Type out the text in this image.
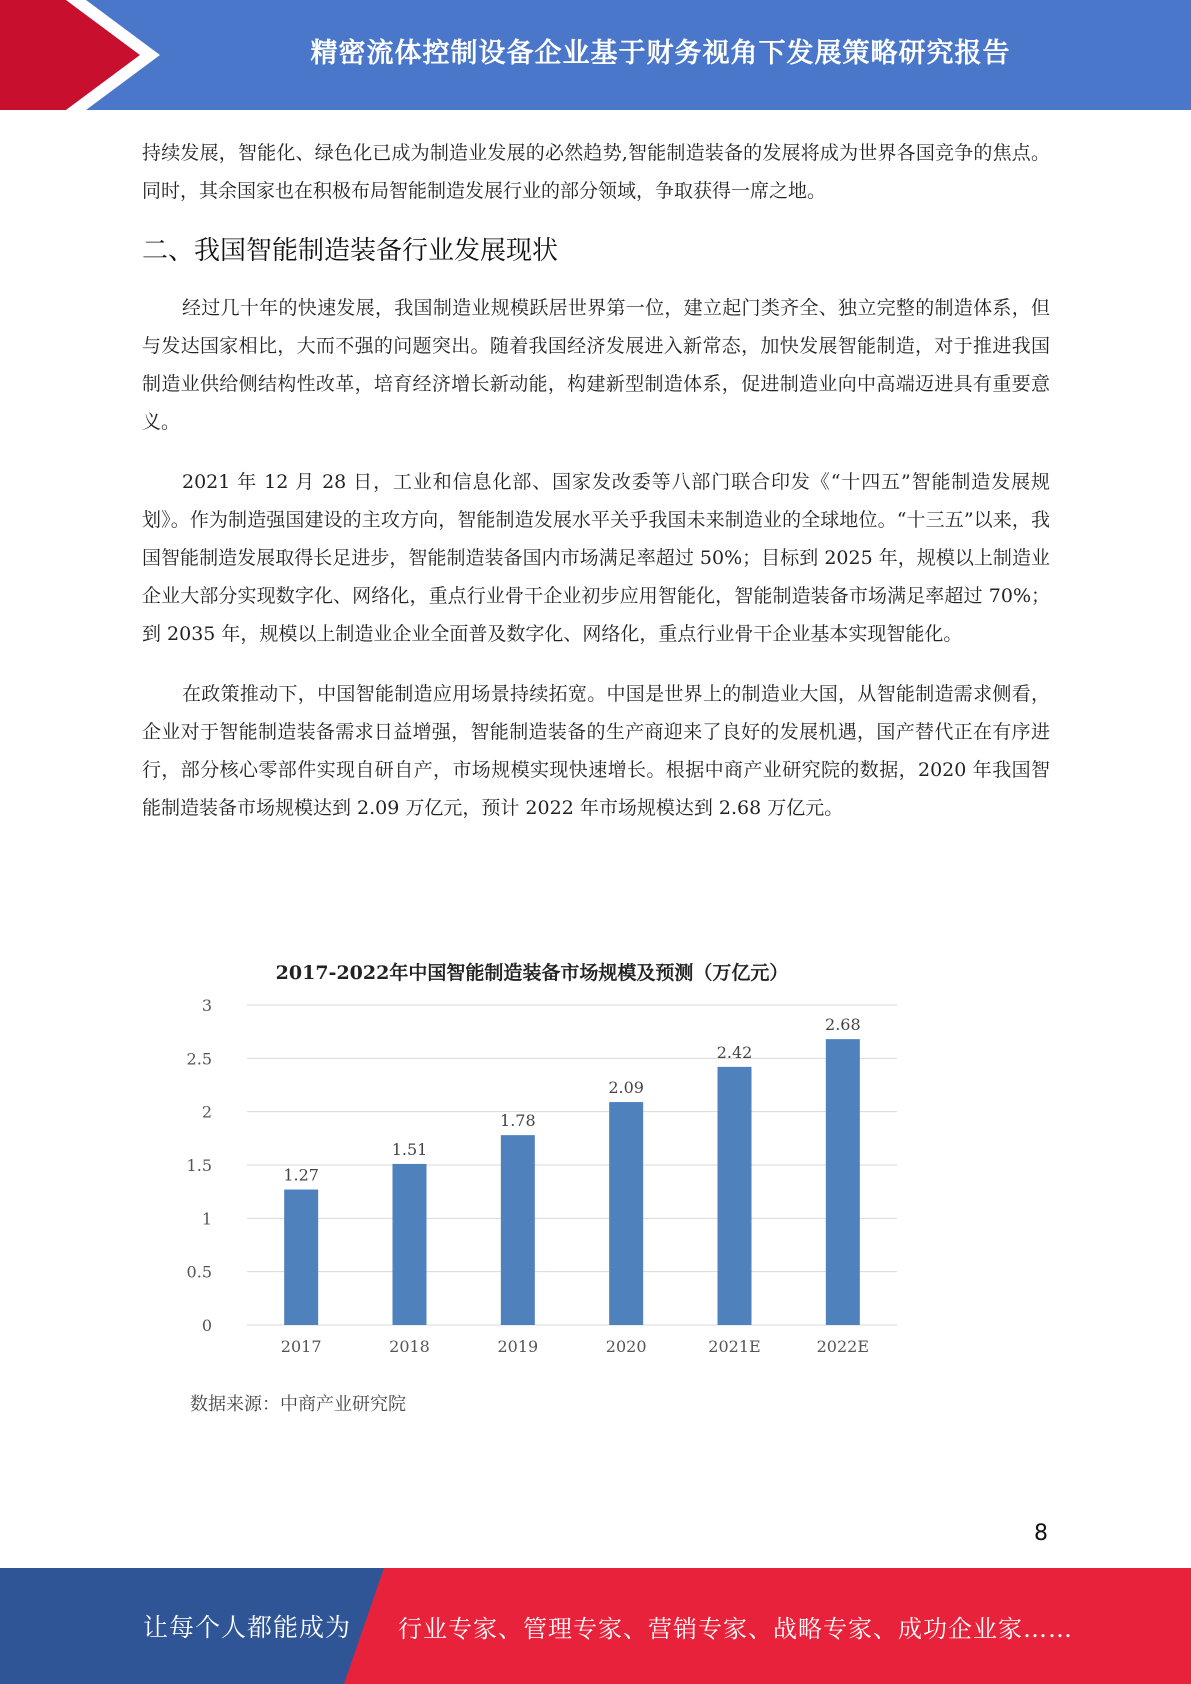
精密流体控制设备企业基于财务视角下发展策略研究报告

持续发展，智能化、绿色化已成为制造业发展的必然趋势,智能制造装备的发展将成为世界各国竞争的焦点。同时，其余国家也在积极布局智能制造发展行业的部分领域，争取获得一席之地。

二、我国智能制造装备行业发展现状

经过几十年的快速发展，我国制造业规模跃居世界第一位，建立起门类齐全、独立完整的制造体系，但与发达国家相比，大而不强的问题突出。随着我国经济发展进入新常态，加快发展智能制造，对于推进我国制造业供给侧结构性改革，培育经济增长新动能，构建新型制造体系，促进制造业向中高端迈进具有重要意义。

2021 年 12 月 28 日，工业和信息化部、国家发改委等八部门联合印发《“十四五”智能制造发展规划》。作为制造强国建设的主攻方向，智能制造发展水平关乎我国未来制造业的全球地位。“十三五”以来，我国智能制造发展取得长足进步，智能制造装备国内市场满足率超过 50%；目标到 2025 年，规模以上制造业企业大部分实现数字化、网络化，重点行业骨干企业初步应用智能化，智能制造装备市场满足率超过 70%；到 2035 年，规模以上制造业企业全面普及数字化、网络化，重点行业骨干企业基本实现智能化。

在政策推动下，中国智能制造应用场景持续拓宽。中国是世界上的制造业大国，从智能制造需求侧看，企业对于智能制造装备需求日益增强，智能制造装备的生产商迎来了良好的发展机遇，国产替代正在有序进行，部分核心零部件实现自研自产，市场规模实现快速增长。根据中商产业研究院的数据，2020 年我国智能制造装备市场规模达到 2.09 万亿元，预计 2022 年市场规模达到 2.68 万亿元。

2017-2022年中国智能制造装备市场规模及预测（万亿元）
0
0.5
1
1.5
2
2.5
3
1.27
2017
1.51
2018
1.78
2019
2.09
2020
2.42
2021E
2.68
2022E
数据来源：中商产业研究院
8
让每个人都能成为 行业专家、管理专家、营销专家、战略专家、成功企业家……
